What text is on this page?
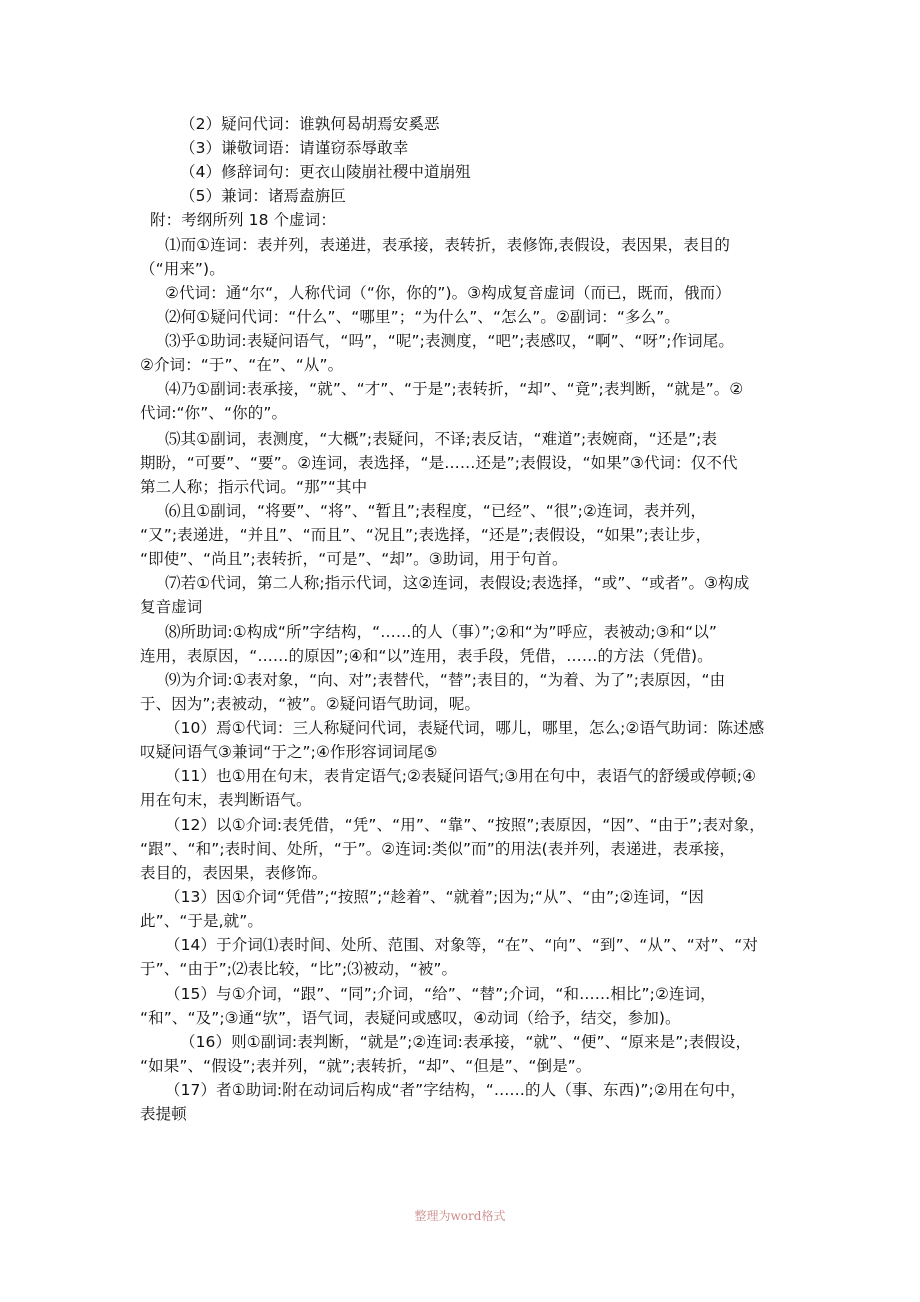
（2）疑问代词：谁孰何曷胡焉安奚恶
（3）谦敬词语：请谨窃忝辱敢幸
（4）修辞词句：更衣山陵崩社稷中道崩殂
（5）兼词：诸焉盍旃叵
附：考纲所列 18 个虚词：
⑴而①连词：表并列，表递进，表承接，表转折，表修饰,表假设，表因果，表目的
（“用来”)。
②代词：通“尔“，人称代词（“你，你的”)。③构成复音虚词（而已，既而，俄而）
⑵何①疑问代词：“什么”、“哪里”；“为什么”、“怎么”。②副词：“多么”。
⑶乎①助词:表疑问语气，“吗”，“呢”;表测度，“吧”;表感叹，“啊”、“呀”;作词尾。
②介词：“于”、“在”、“从”。
⑷乃①副词:表承接，“就”、“才”、“于是”;表转折，“却”、“竟”;表判断，“就是”。②
代词:“你”、“你的”。
⑸其①副词，表测度，“大概”;表疑问，不译;表反诘，“难道”;表婉商，“还是”;表
期盼，“可要”、“要”。②连词，表选择，“是……还是”;表假设，“如果”③代词：仅不代
第二人称；指示代词。“那”“其中
⑹且①副词，“将要”、“将”、“暂且”;表程度，“已经”、“很”;②连词，表并列，
“又”;表递进，“并且”、“而且”、“况且”;表选择，“还是”;表假设，“如果”;表让步，
“即使”、“尚且”;表转折，“可是”、“却”。③助词，用于句首。
⑺若①代词，第二人称;指示代词，这②连词，表假设;表选择，“或”、“或者”。③构成
复音虚词
⑻所助词:①构成“所”字结构，“……的人（事）”;②和“为”呼应，表被动;③和“以”
连用，表原因，“……的原因”;④和“以”连用，表手段，凭借，……的方法（凭借)。
⑼为介词:①表对象，“向、对”;表替代，“替”;表目的，“为着、为了”;表原因，“由
于、因为”;表被动，“被”。②疑问语气助词，呢。
（10）焉①代词：三人称疑问代词，表疑代词，哪儿，哪里，怎么;②语气助词：陈述感
叹疑问语气③兼词“于之”;④作形容词词尾⑤
（11）也①用在句末，表肯定语气;②表疑问语气;③用在句中，表语气的舒缓或停顿;④
用在句末，表判断语气。
（12）以①介词:表凭借，“凭”、“用”、“靠”、“按照”;表原因，“因”、“由于”;表对象，
“跟”、“和”;表时间、处所，“于”。②连词:类似”而”的用法(表并列，表递进，表承接，
表目的，表因果，表修饰。
（13）因①介词“凭借”;“按照”;“趁着”、“就着”;因为;“从”、“由”;②连词，“因
此”、“于是,就”。
（14）于介词⑴表时间、处所、范围、对象等，“在”、“向”、“到”、“从”、“对”、“对
于”、“由于”;⑵表比较，“比”;⑶被动，“被”。
（15）与①介词，“跟”、“同”;介词，“给”、“替”;介词，“和……相比”;②连词，
“和”、“及”;③通“欤”，语气词，表疑问或感叹，④动词（给予，结交，参加)。
（16）则①副词:表判断，“就是”;②连词:表承接，“就”、“便”、“原来是”;表假设，
“如果”、“假设”;表并列，“就”;表转折，“却”、“但是”、“倒是”。
（17）者①助词:附在动词后构成“者”字结构，“……的人（事、东西)”;②用在句中，
表提顿
整理为word格式
